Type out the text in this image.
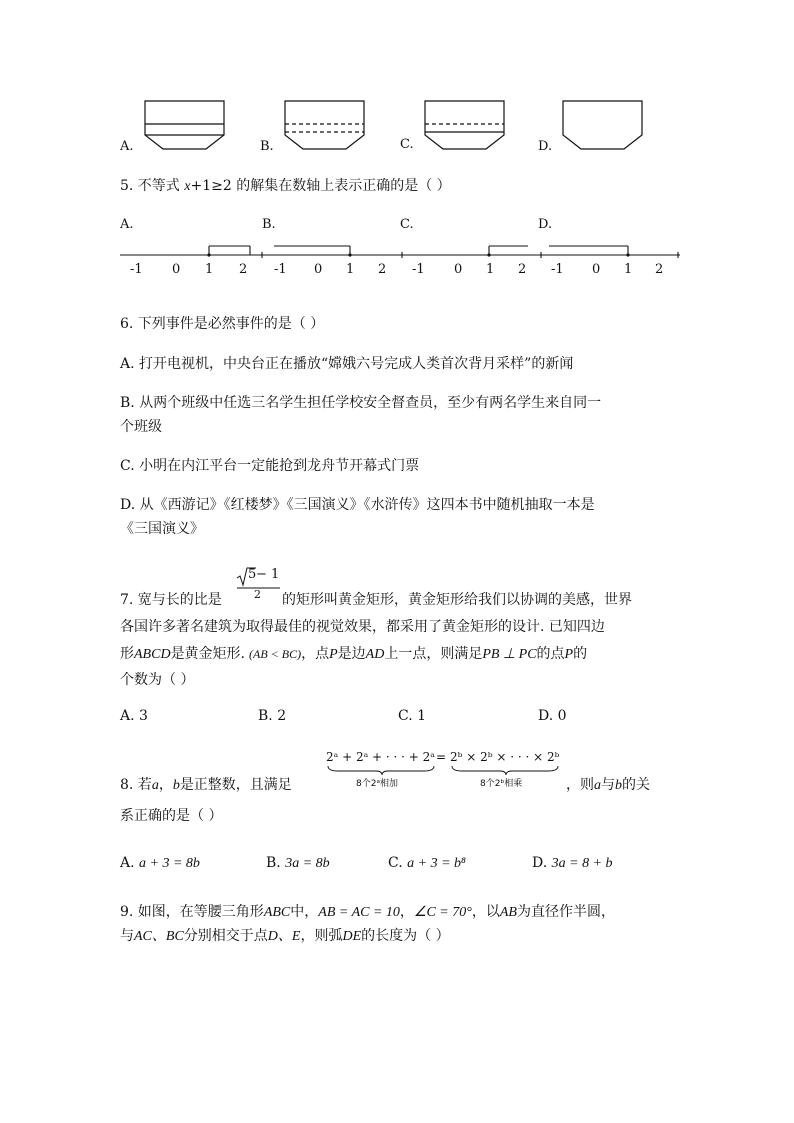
A.	B.	C.	D.
5. 不等式 x+1≥2 的解集在数轴上表示正确的是（ ）
A.	B.	C.	D.
-1 0 1 2 -1 0 1 2 -1 0 1 2 -1 0 1 2
6. 下列事件是必然事件的是（ ）
A. 打开电视机，中央台正在播放“嫦娥六号完成人类首次背月采样”的新闻
B. 从两个班级中任选三名学生担任学校安全督查员，至少有两名学生来自同一
个班级
C. 小明在内江平台一定能抢到龙舟节开幕式门票
D. 从《西游记》《红楼梦》《三国演义》《水浒传》这四本书中随机抽取一本是
《三国演义》
7. 宽与长的比是
5 − 1
2 的矩形叫黄金矩形，黄金矩形给我们以协调的美感，世界
各国许多著名建筑为取得最佳的视觉效果，都采用了黄金矩形的设计. 已知四边
形ABCD是黄金矩形. (AB < BC)，点P是边AD上一点，则满足PB ⊥ PC的点P的
个数为（ ）
A. 3	B. 2	C. 1	D. 0
8. 若a，b是正整数，且满足
2ᵃ + 2ᵃ + · · · + 2ᵃ = 2ᵇ × 2ᵇ × · · · × 2ᵇ
8个2ᵃ相加	8个2ᵇ相乘	，则a与b的关
系正确的是（ ）
A. a + 3 = 8b	B. 3a = 8b	C. a + 3 = b⁸	D. 3a = 8 + b
9. 如图，在等腰三角形ABC中，AB = AC = 10，∠C = 70°，以AB为直径作半圆，
与AC、BC分别相交于点D、E，则弧DE的长度为（ ）
